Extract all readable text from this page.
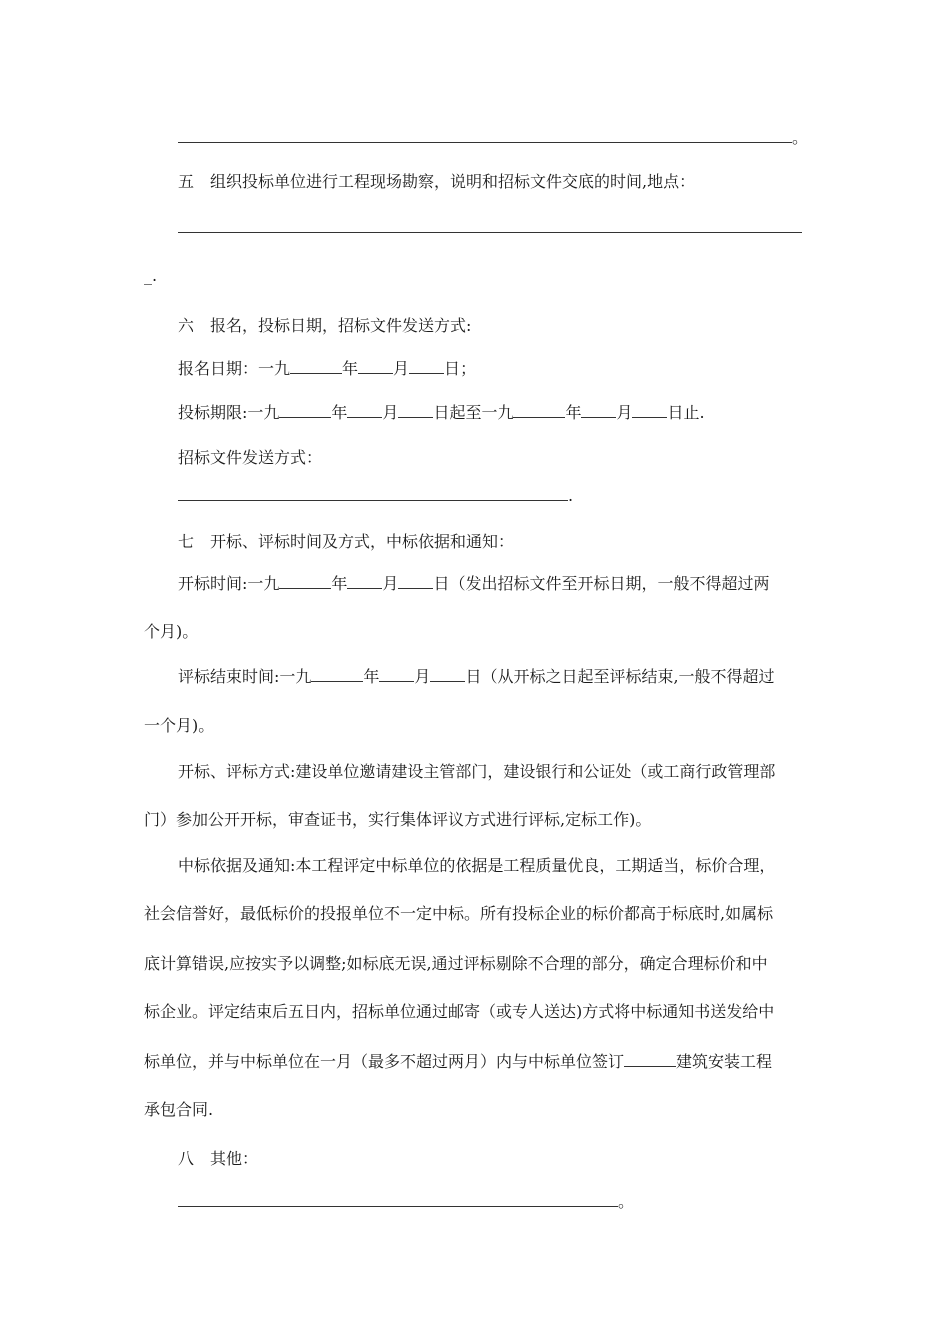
。
五 组织投标单位进行工程现场勘察，说明和招标文件交底的时间,地点：
_.
六 报名，投标日期，招标文件发送方式:
报名日期：一九	年 月 日；
投标期限:一九	年 月 日起至一九	年 月 日止.
招标文件发送方式：
.
七 开标、评标时间及方式，中标依据和通知：
开标时间:一九	年 月 日（发出招标文件至开标日期，一般不得超过两
个月)。
评标结束时间:一九	年 月 日（从开标之日起至评标结束,一般不得超过
一个月)。
开标、评标方式:建设单位邀请建设主管部门，建设银行和公证处（或工商行政管理部
门）参加公开开标，审查证书，实行集体评议方式进行评标,定标工作)。
中标依据及通知:本工程评定中标单位的依据是工程质量优良，工期适当，标价合理，
社会信誉好，最低标价的投报单位不一定中标。所有投标企业的标价都高于标底时,如属标
底计算错误,应按实予以调整;如标底无误,通过评标剔除不合理的部分，确定合理标价和中
标企业。评定结束后五日内，招标单位通过邮寄（或专人送达)方式将中标通知书送发给中
标单位，并与中标单位在一月（最多不超过两月）内与中标单位签订	建筑安装工程
承包合同.
八 其他：
。
